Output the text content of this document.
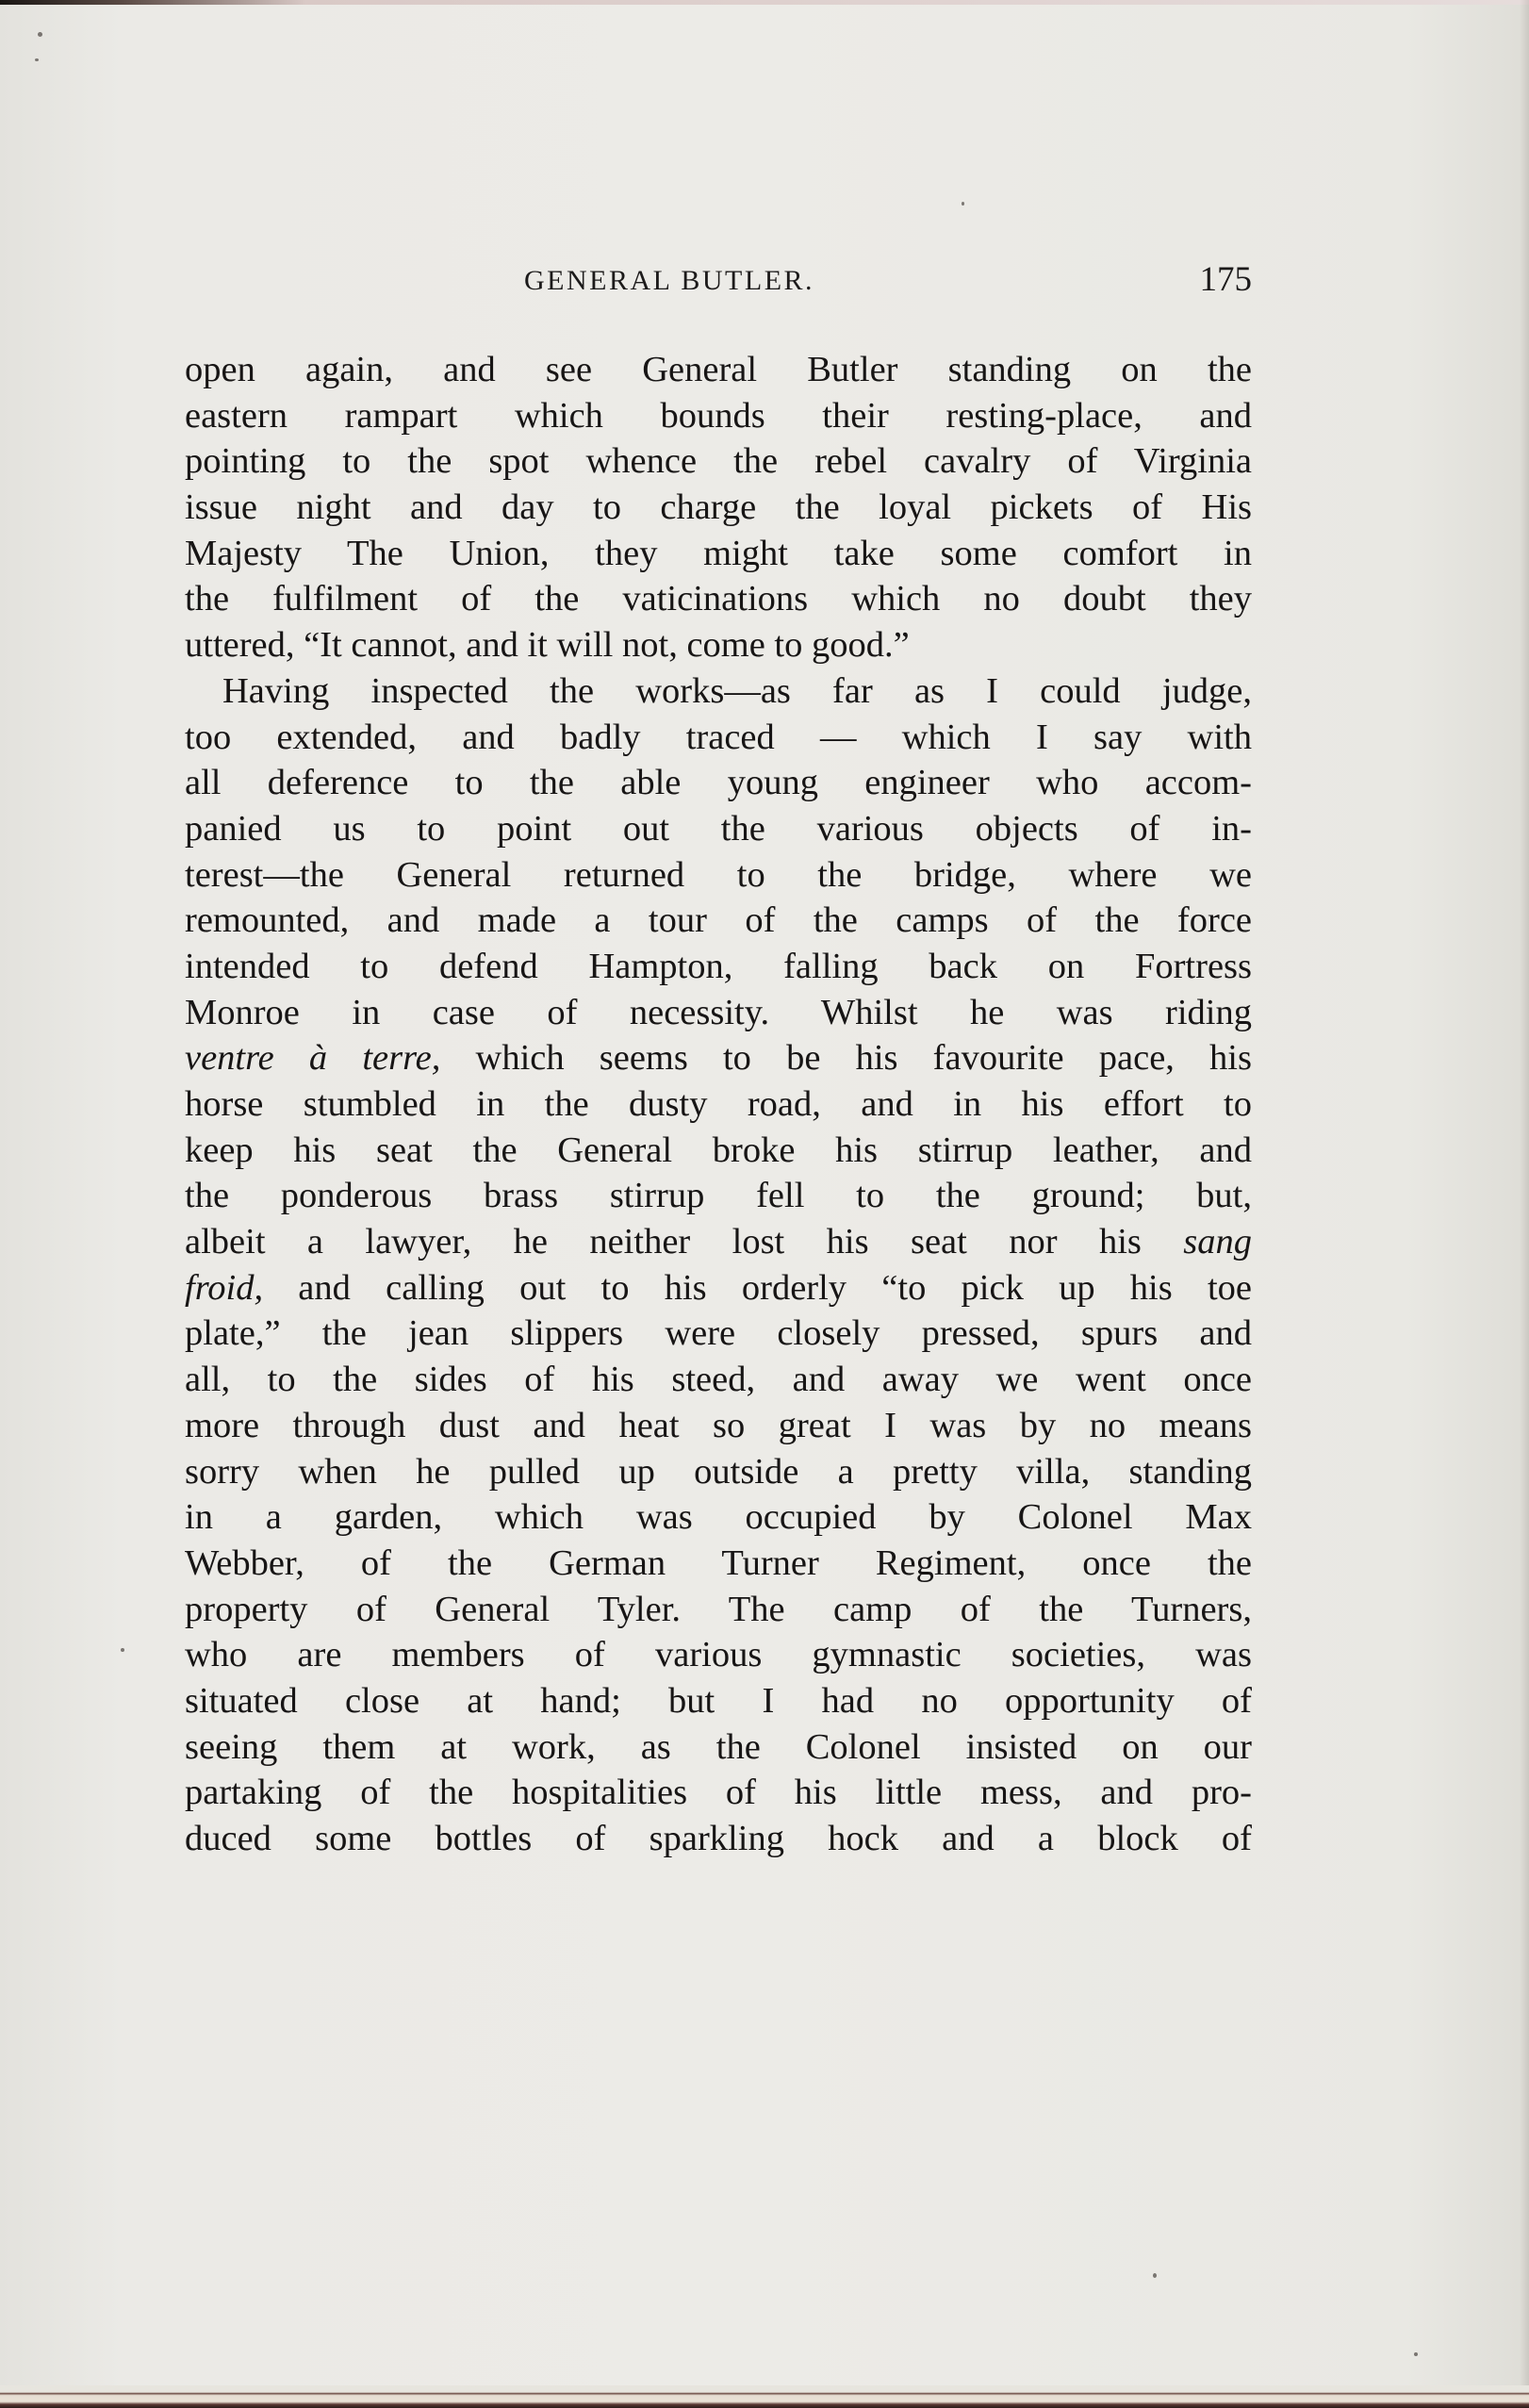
GENERAL BUTLER.	175
open again, and see General Butler standing on the
eastern rampart which bounds their resting-place, and
pointing to the spot whence the rebel cavalry of Virginia
issue night and day to charge the loyal pickets of His
Majesty The Union, they might take some comfort in
the fulfilment of the vaticinations which no doubt they
uttered, “It cannot, and it will not, come to good.”
Having inspected the works—as far as I could judge,
too extended, and badly traced — which I say with
all deference to the able young engineer who accom-
panied us to point out the various objects of in-
terest—the General returned to the bridge, where we
remounted, and made a tour of the camps of the force
intended to defend Hampton, falling back on Fortress
Monroe in case of necessity. Whilst he was riding
ventre à terre, which seems to be his favourite pace, his
horse stumbled in the dusty road, and in his effort to
keep his seat the General broke his stirrup leather, and
the ponderous brass stirrup fell to the ground; but,
albeit a lawyer, he neither lost his seat nor his sang
froid, and calling out to his orderly “to pick up his toe
plate,” the jean slippers were closely pressed, spurs and
all, to the sides of his steed, and away we went once
more through dust and heat so great I was by no means
sorry when he pulled up outside a pretty villa, standing
in a garden, which was occupied by Colonel Max
Webber, of the German Turner Regiment, once the
property of General Tyler. The camp of the Turners,
who are members of various gymnastic societies, was
situated close at hand; but I had no opportunity of
seeing them at work, as the Colonel insisted on our
partaking of the hospitalities of his little mess, and pro-
duced some bottles of sparkling hock and a block of
